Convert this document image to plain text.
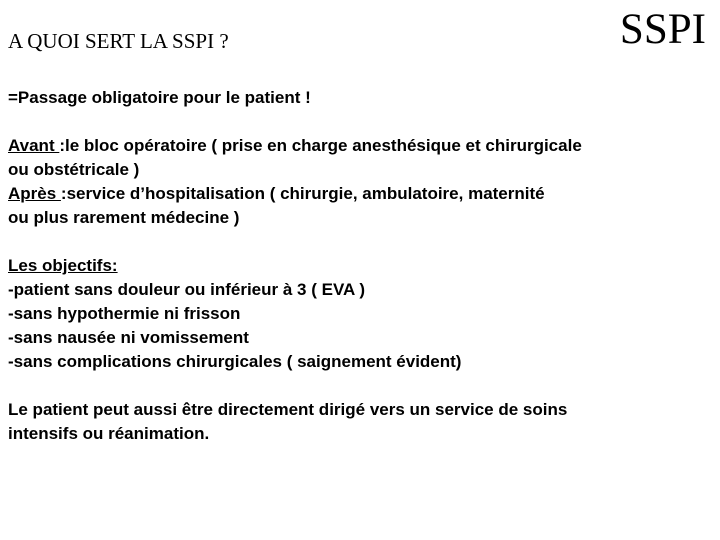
A QUOI SERT LA SSPI ?	SSPI

=Passage obligatoire pour le patient !

Avant :le bloc opératoire ( prise en charge anesthésique et chirurgicale
ou obstétricale )
Après :service d’hospitalisation ( chirurgie, ambulatoire, maternité
ou plus rarement médecine )

Les objectifs:
-patient sans douleur ou inférieur à 3 ( EVA )
-sans hypothermie ni frisson
-sans nausée ni vomissement
-sans complications chirurgicales ( saignement évident)

Le patient peut aussi être directement dirigé vers un service de soins
intensifs ou réanimation.
